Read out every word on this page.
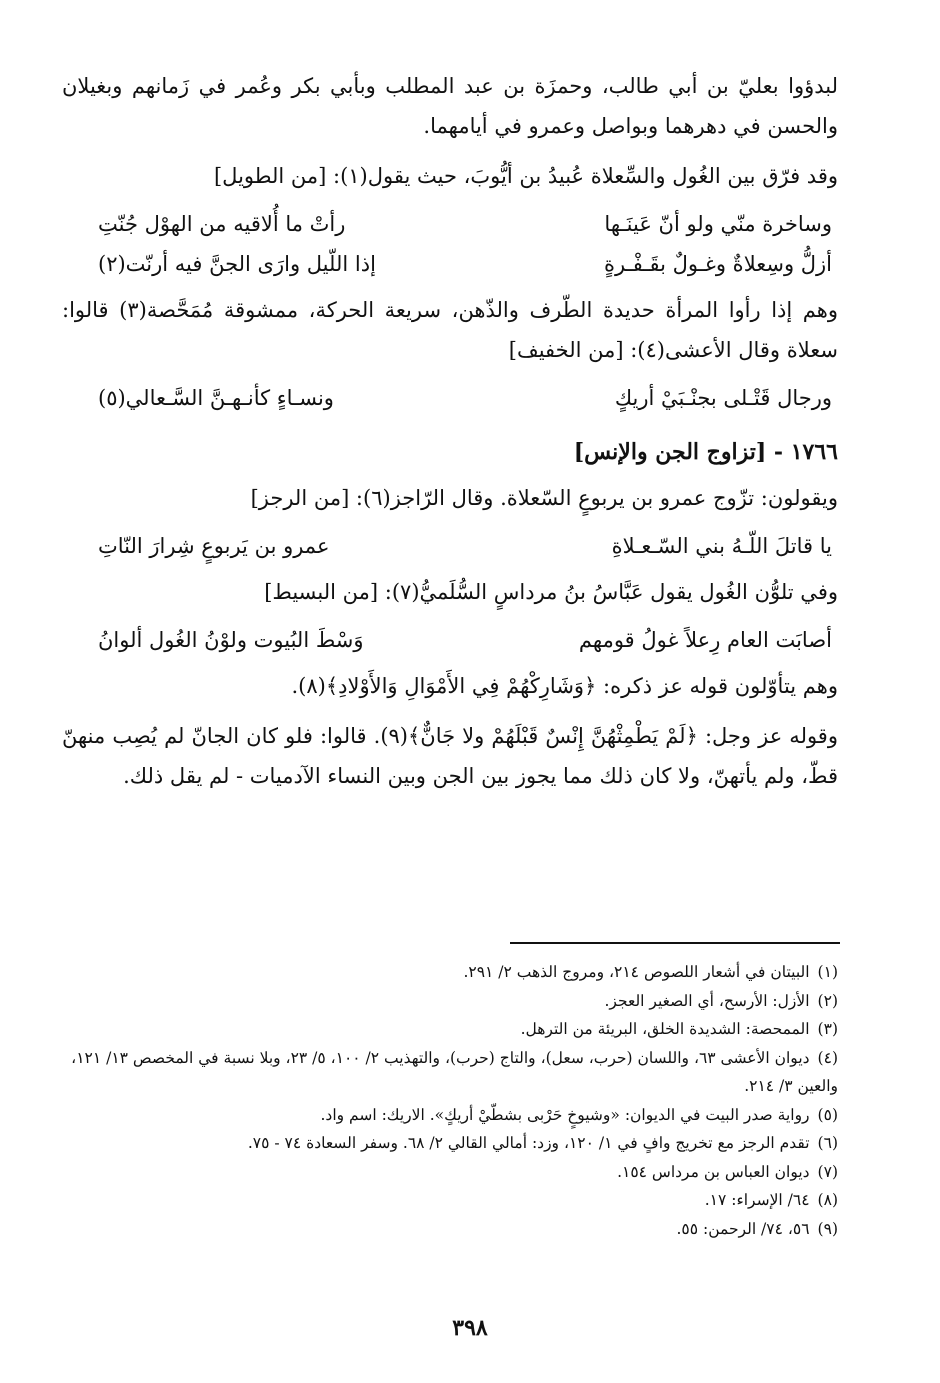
لبدؤوا بعليّ بن أبي طالب، وحمزَة بن عبد المطلب وبأبي بكر وعُمر في زَمانهم وبغيلان والحسن في دهرهما وبواصل وعمرو في أيامهما.

وقد فرّق بين الغُول والسِّعلاة عُبيدُ بن أيُّوبَ، حيث يقول(١): [من الطويل]

وساخرة منّي ولو أنّ عَينَـها
رأتْ ما أُلاقيه من الهوْل جُنّتِ
أزلُّ وسِعلاةٌ وغـولٌ بقَـفْـرةٍ
إذا اللّيل وارَى الجنَّ فيه أرنّت(٢)

وهم إذا رأوا المرأة حديدة الطّرف والذّهن، سريعة الحركة، ممشوقة مُمَحَّصة(٣) قالوا: سعلاة وقال الأعشى(٤): [من الخفيف]

ورجال قَتْـلى بجنْـبَيْ أريكٍ
ونسـاءٍ كأنـهـنَّ السَّـعالي(٥)
١٧٦٦ - [تزاوج الجن والإنس]

ويقولون: تزّوج عمرو بن يربوعٍ السّعلاة. وقال الرّاجز(٦): [من الرجز]

يا قاتلَ اللّـهُ بني السّـعـلاةِ
عمرو بن يَربوعٍ شِرارَ النّاتِ

وفي تلوُّن الغُول يقول عَبَّاسُ بنُ مرداسٍ السُّلَميُّ(٧): [من البسيط]

أصابَت العام رِعلاً غولُ قومهم
وَسْطَ البُيوت ولوْنُ الغُول ألوانُ

وهم يتأوّلون قوله عز ذكره: ﴿وَشَارِكْهُمْ فِي الأَمْوَالِ وَالأَوْلادِ﴾(٨).

وقوله عز وجل: ﴿لَمْ يَطْمِثْهُنَّ إِنْسٌ قَبْلَهُمْ ولا جَانٌّ﴾(٩). قالوا: فلو كان الجانّ لم يُصِب منهنّ قطّ، ولم يأتهنّ، ولا كان ذلك مما يجوز بين الجن وبين النساء الآدميات - لم يقل ذلك.

(١)البيتان في أشعار اللصوص ٢١٤، ومروج الذهب ٢/ ٢٩١.

(٢)الأزل: الأرسح، أي الصغير العجز.

(٣)الممحصة: الشديدة الخلق، البريئة من الترهل.

(٤)ديوان الأعشى ٦٣، واللسان (حرب، سعل)، والتاج (حرب)، والتهذيب ٢/ ١٠٠، ٥/ ٢٣، وبلا نسبة في المخصص ١٣/ ١٢١، والعين ٣/ ٢١٤.

(٥)رواية صدر البيت في الديوان: «وشيوخٍ حَرْبى بشطّيْ أريكٍ». الاريك: اسم واد.

(٦)تقدم الرجز مع تخريج وافٍ في ١/ ١٢٠، وزد: أمالي القالي ٢/ ٦٨. وسفر السعادة ٧٤ - ٧٥.

(٧)ديوان العباس بن مرداس ١٥٤.

(٨)٦٤/ الإسراء: ١٧.

(٩)٥٦، ٧٤/ الرحمن: ٥٥.

٣٩٨
